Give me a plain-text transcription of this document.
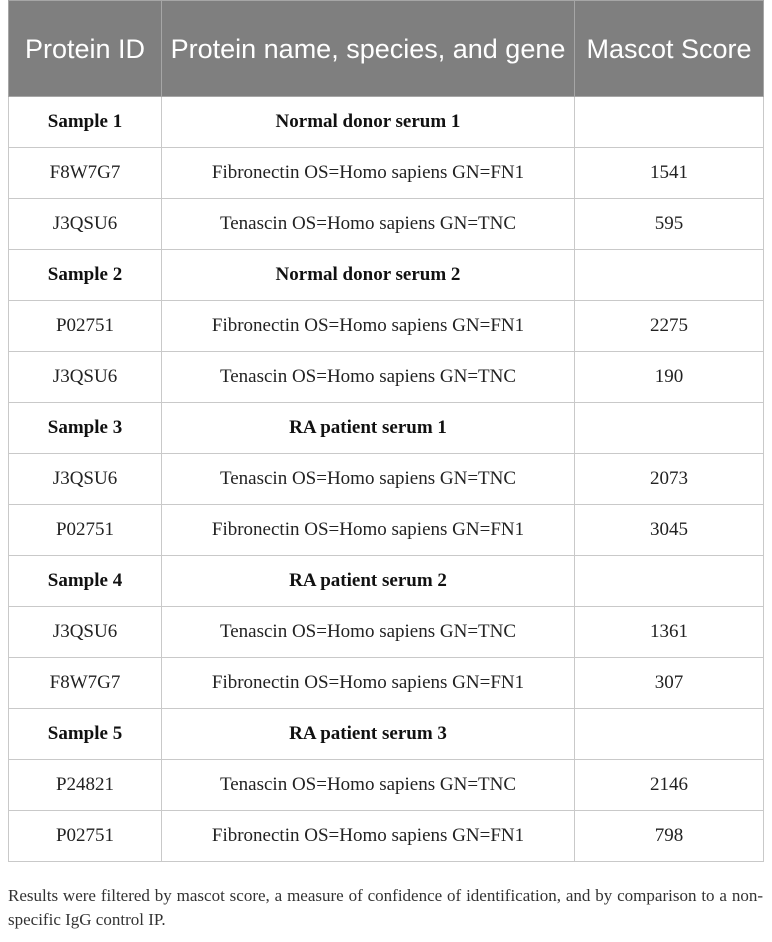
Protein ID	Protein name, species, and gene	Mascot Score
Sample 1	Normal donor serum 1	
F8W7G7	Fibronectin OS=Homo sapiens GN=FN1	1541
J3QSU6	Tenascin OS=Homo sapiens GN=TNC	595
Sample 2	Normal donor serum 2	
P02751	Fibronectin OS=Homo sapiens GN=FN1	2275
J3QSU6	Tenascin OS=Homo sapiens GN=TNC	190
Sample 3	RA patient serum 1	
J3QSU6	Tenascin OS=Homo sapiens GN=TNC	2073
P02751	Fibronectin OS=Homo sapiens GN=FN1	3045
Sample 4	RA patient serum 2	
J3QSU6	Tenascin OS=Homo sapiens GN=TNC	1361
F8W7G7	Fibronectin OS=Homo sapiens GN=FN1	307
Sample 5	RA patient serum 3	
P24821	Tenascin OS=Homo sapiens GN=TNC	2146
P02751	Fibronectin OS=Homo sapiens GN=FN1	798
Results were filtered by mascot score, a measure of confidence of identification, and by comparison to a non-specific IgG control IP.
